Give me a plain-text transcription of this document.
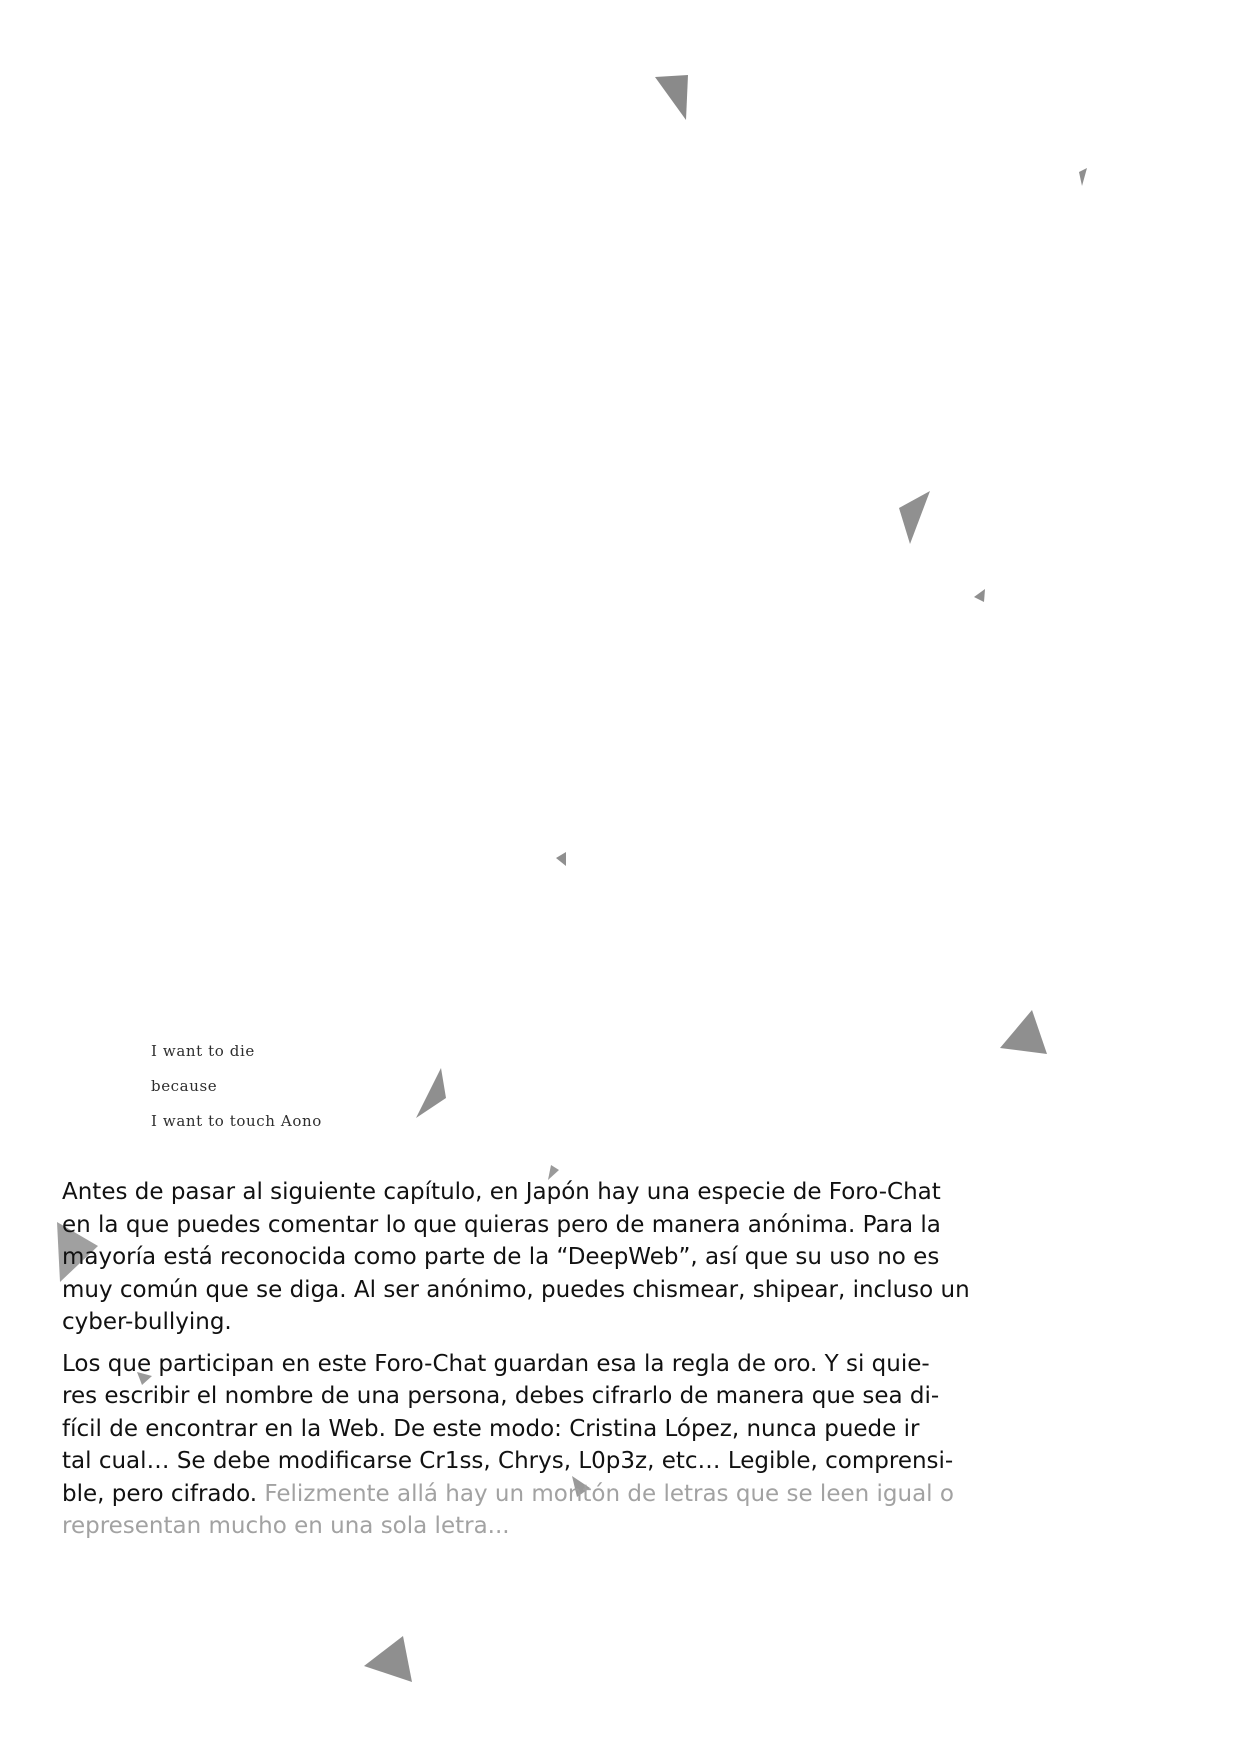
I want to die
because
I want to touch Aono

Antes de pasar al siguiente capítulo, en Japón hay una especie de Foro-Chat
en la que puedes comentar lo que quieras pero de manera anónima. Para la
mayoría está reconocida como parte de la “DeepWeb”, así que su uso no es
muy común que se diga. Al ser anónimo, puedes chismear, shipear, incluso un
cyber-bullying.

Los que participan en este Foro-Chat guardan esa la regla de oro. Y si quie-
res escribir el nombre de una persona, debes cifrarlo de manera que sea di-
fícil de encontrar en la Web. De este modo: Cristina López, nunca puede ir
tal cual… Se debe modificarse Cr1ss, Chrys, L0p3z, etc… Legible, comprensi-
ble, pero cifrado. Felizmente allá hay un montón de letras que se leen igual o
representan mucho en una sola letra...
